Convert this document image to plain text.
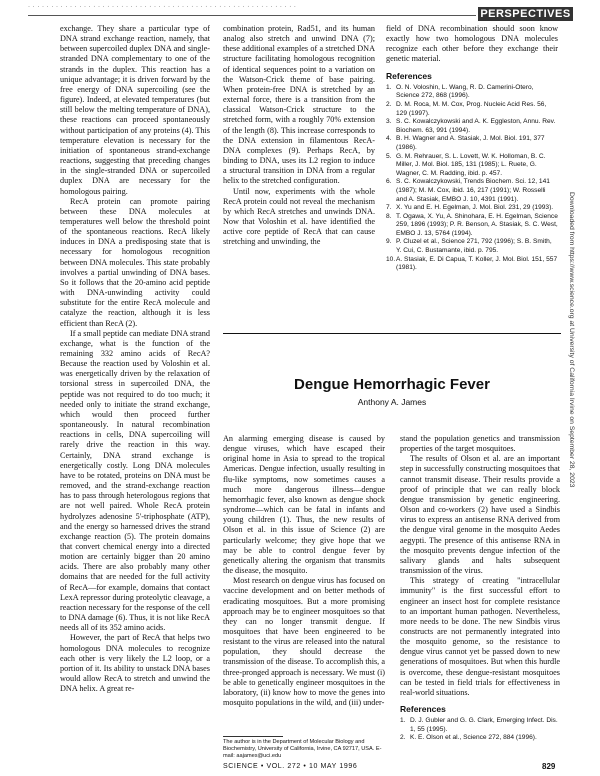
· · · · · · · · · · · · · · · · · · · · · · · · · · · · · · · · · · · · · · · · · · · · · · · · · · · · · · · · · ·
PERSPECTIVES

exchange. They share a particular type of DNA strand exchange reaction, namely, that between supercoiled duplex DNA and single-stranded DNA complementary to one of the strands in the duplex. This reaction has a unique advantage; it is driven forward by the free energy of DNA supercoiling (see the figure). Indeed, at elevated temperatures (but still below the melting temperature of DNA), these reactions can proceed spontaneously without participation of any proteins (4). This temperature elevation is necessary for the initiation of spontaneous strand-exchange reactions, suggesting that preceding changes in the single-stranded DNA or supercoiled duplex DNA are necessary for the homologous pairing.

RecA protein can promote pairing between these DNA molecules at temperatures well below the threshold point of the spontaneous reactions. RecA likely induces in DNA a predisposing state that is necessary for homologous recognition between DNA molecules. This state probably involves a partial unwinding of DNA bases. So it follows that the 20-amino acid peptide with DNA-unwinding activity could substitute for the entire RecA molecule and catalyze the reaction, although it is less efficient than RecA (2).

If a small peptide can mediate DNA strand exchange, what is the function of the remaining 332 amino acids of RecA? Because the reaction used by Voloshin et al. was energetically driven by the relaxation of torsional stress in supercoiled DNA, the peptide was not required to do too much; it needed only to initiate the strand exchange, which would then proceed further spontaneously. In natural recombination reactions in cells, DNA supercoiling will rarely drive the reaction in this way. Certainly, DNA strand exchange is energetically costly. Long DNA molecules have to be rotated, proteins on DNA must be removed, and the strand-exchange reaction has to pass through heterologous regions that are not well paired. Whole RecA protein hydrolyzes adenosine 5'-triphosphate (ATP), and the energy so harnessed drives the strand exchange reaction (5). The protein domains that convert chemical energy into a directed motion are certainly bigger than 20 amino acids. There are also probably many other domains that are needed for the full activity of RecA—for example, domains that contact LexA repressor during proteolytic cleavage, a reaction necessary for the response of the cell to DNA damage (6). Thus, it is not like RecA needs all of its 352 amino acids.

However, the part of RecA that helps two homologous DNA molecules to recognize each other is very likely the L2 loop, or a portion of it. Its ability to unstack DNA bases would allow RecA to stretch and unwind the DNA helix. A great re-

combination protein, Rad51, and its human analog also stretch and unwind DNA (7); these additional examples of a stretched DNA structure facilitating homologous recognition of identical sequences point to a variation on the Watson-Crick theme of base pairing. When protein-free DNA is stretched by an external force, there is a transition from the classical Watson-Crick structure to the stretched form, with a roughly 70% extension of the length (8). This increase corresponds to the DNA extension in filamentous RecA-DNA complexes (9). Perhaps RecA, by binding to DNA, uses its L2 region to induce a structural transition in DNA from a regular helix to the stretched configuration.

Until now, experiments with the whole RecA protein could not reveal the mechanism by which RecA stretches and unwinds DNA. Now that Voloshin et al. have identified the active core peptide of RecA that can cause stretching and unwinding, the

field of DNA recombination should soon know exactly how two homologous DNA molecules recognize each other before they exchange their genetic material.

References
1. O. N. Voloshin, L. Wang, R. D. Camerini-Otero, Science 272, 868 (1996).
2. D. M. Roca, M. M. Cox, Prog. Nucleic Acid Res. 56, 129 (1997).
3. S. C. Kowalczykowski and A. K. Eggleston, Annu. Rev. Biochem. 63, 991 (1994).
4. B. H. Wagner and A. Stasiak, J. Mol. Biol. 191, 377 (1986).
5. G. M. Rehrauer, S. L. Lovett, W. K. Holloman, B. C. Miller, J. Mol. Biol. 185, 131 (1985); L. Ruete, G. Wagner, C. M. Radding, ibid. p. 457.
6. S. C. Kowalczykowski, Trends Biochem. Sci. 12, 141 (1987); M. M. Cox, ibid. 16, 217 (1991); W. Rosselli and A. Stasiak, EMBO J. 10, 4391 (1991).
7. X. Yu and E. H. Egelman, J. Mol. Biol. 231, 29 (1993).
8. T. Ogawa, X. Yu, A. Shinohara, E. H. Egelman, Science 259, 1896 (1993); P. R. Benson, A. Stasiak, S. C. West, EMBO J. 13, 5764 (1994).
9. P. Cluzel et al., Science 271, 792 (1996); S. B. Smith, Y. Cui, C. Bustamante, ibid. p. 795.
10. A. Stasiak, E. Di Capua, T. Koller, J. Mol. Biol. 151, 557 (1981).
Dengue Hemorrhagic Fever
Anthony A. James

An alarming emerging disease is caused by dengue viruses, which have escaped their original home in Asia to spread to the tropical Americas. Dengue infection, usually resulting in flu-like symptoms, now sometimes causes a much more dangerous illness—dengue hemorrhagic fever, also known as dengue shock syndrome—which can be fatal in infants and young children (1). Thus, the new results of Olson et al. in this issue of Science (2) are particularly welcome; they give hope that we may be able to control dengue fever by genetically altering the organism that transmits the disease, the mosquito.

Most research on dengue virus has focused on vaccine development and on better methods of eradicating mosquitoes. But a more promising approach may be to engineer mosquitoes so that they can no longer transmit dengue. If mosquitoes that have been engineered to be resistant to the virus are released into the natural population, they should decrease the transmission of the disease. To accomplish this, a three-pronged approach is necessary. We must (i) be able to genetically engineer mosquitoes in the laboratory, (ii) know how to move the genes into mosquito populations in the wild, and (iii) under-

stand the population genetics and transmission properties of the target mosquitoes.

The results of Olson et al. are an important step in successfully constructing mosquitoes that cannot transmit disease. Their results provide a proof of principle that we can really block dengue transmission by genetic engineering. Olson and co-workers (2) have used a Sindbis virus to express an antisense RNA derived from the dengue viral genome in the mosquito Aedes aegypti. The presence of this antisense RNA in the mosquito prevents dengue infection of the salivary glands and halts subsequent transmission of the virus.

This strategy of creating "intracellular immunity" is the first successful effort to engineer an insect host for complete resistance to an important human pathogen. Nevertheless, more needs to be done. The new Sindbis virus constructs are not permanently integrated into the mosquito genome, so the resistance to dengue virus cannot yet be passed down to new generations of mosquitoes. But when this hurdle is overcome, these dengue-resistant mosquitoes can be tested in field trials for effectiveness in real-world situations.

References
1. D. J. Gubler and G. G. Clark, Emerging Infect. Dis. 1, 55 (1995).
2. K. E. Olson et al., Science 272, 884 (1996).
The author is in the Department of Molecular Biology and Biochemistry, University of California, Irvine, CA 92717, USA. E-mail: aajames@uci.edu
SCIENCE • VOL. 272 • 10 MAY 1996	829
Downloaded from https://www.science.org at University of California Irvine on September 28, 2023
